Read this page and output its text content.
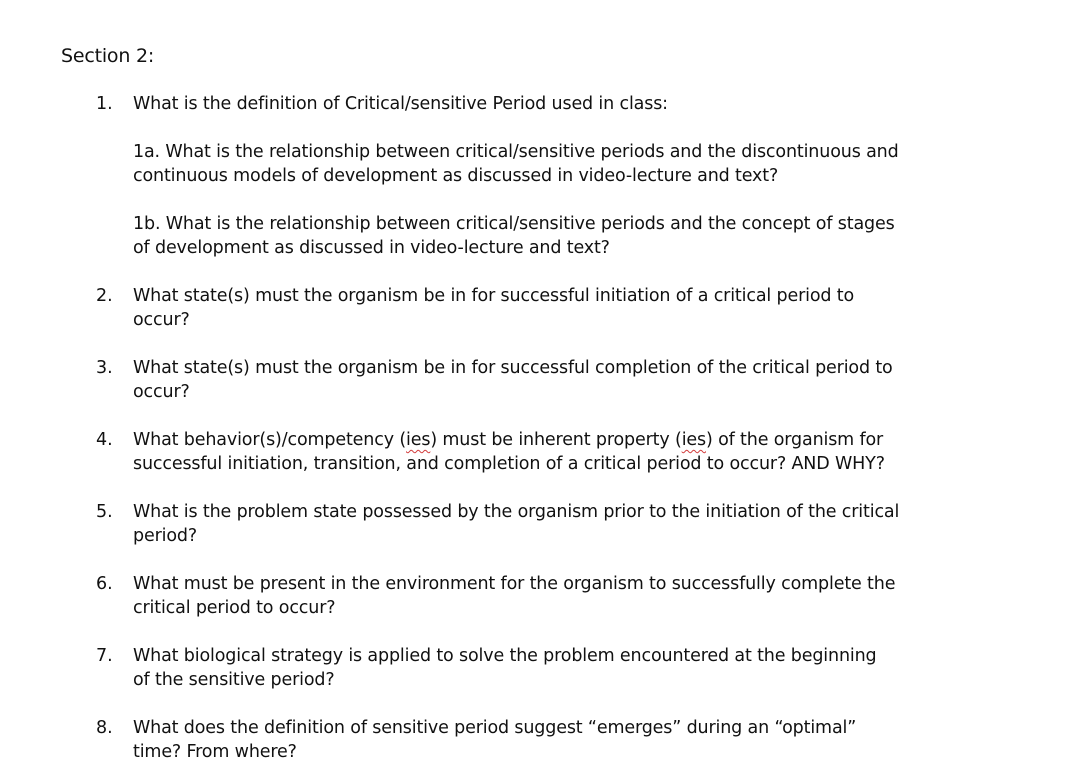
Section 2:
1.	What is the definition of Critical/sensitive Period used in class:
1a. What is the relationship between critical/sensitive periods and the discontinuous and
continuous models of development as discussed in video-lecture and text?
1b. What is the relationship between critical/sensitive periods and the concept of stages
of development as discussed in video-lecture and text?
2.	What state(s) must the organism be in for successful initiation of a critical period to
occur?
3.	What state(s) must the organism be in for successful completion of the critical period to
occur?
4.	What behavior(s)/competency (ies) must be inherent property (ies) of the organism for
successful initiation, transition, and completion of a critical period to occur? AND WHY?
5.	What is the problem state possessed by the organism prior to the initiation of the critical
period?
6.	What must be present in the environment for the organism to successfully complete the
critical period to occur?
7.	What biological strategy is applied to solve the problem encountered at the beginning
of the sensitive period?
8.	What does the definition of sensitive period suggest “emerges” during an “optimal”
time? From where?
